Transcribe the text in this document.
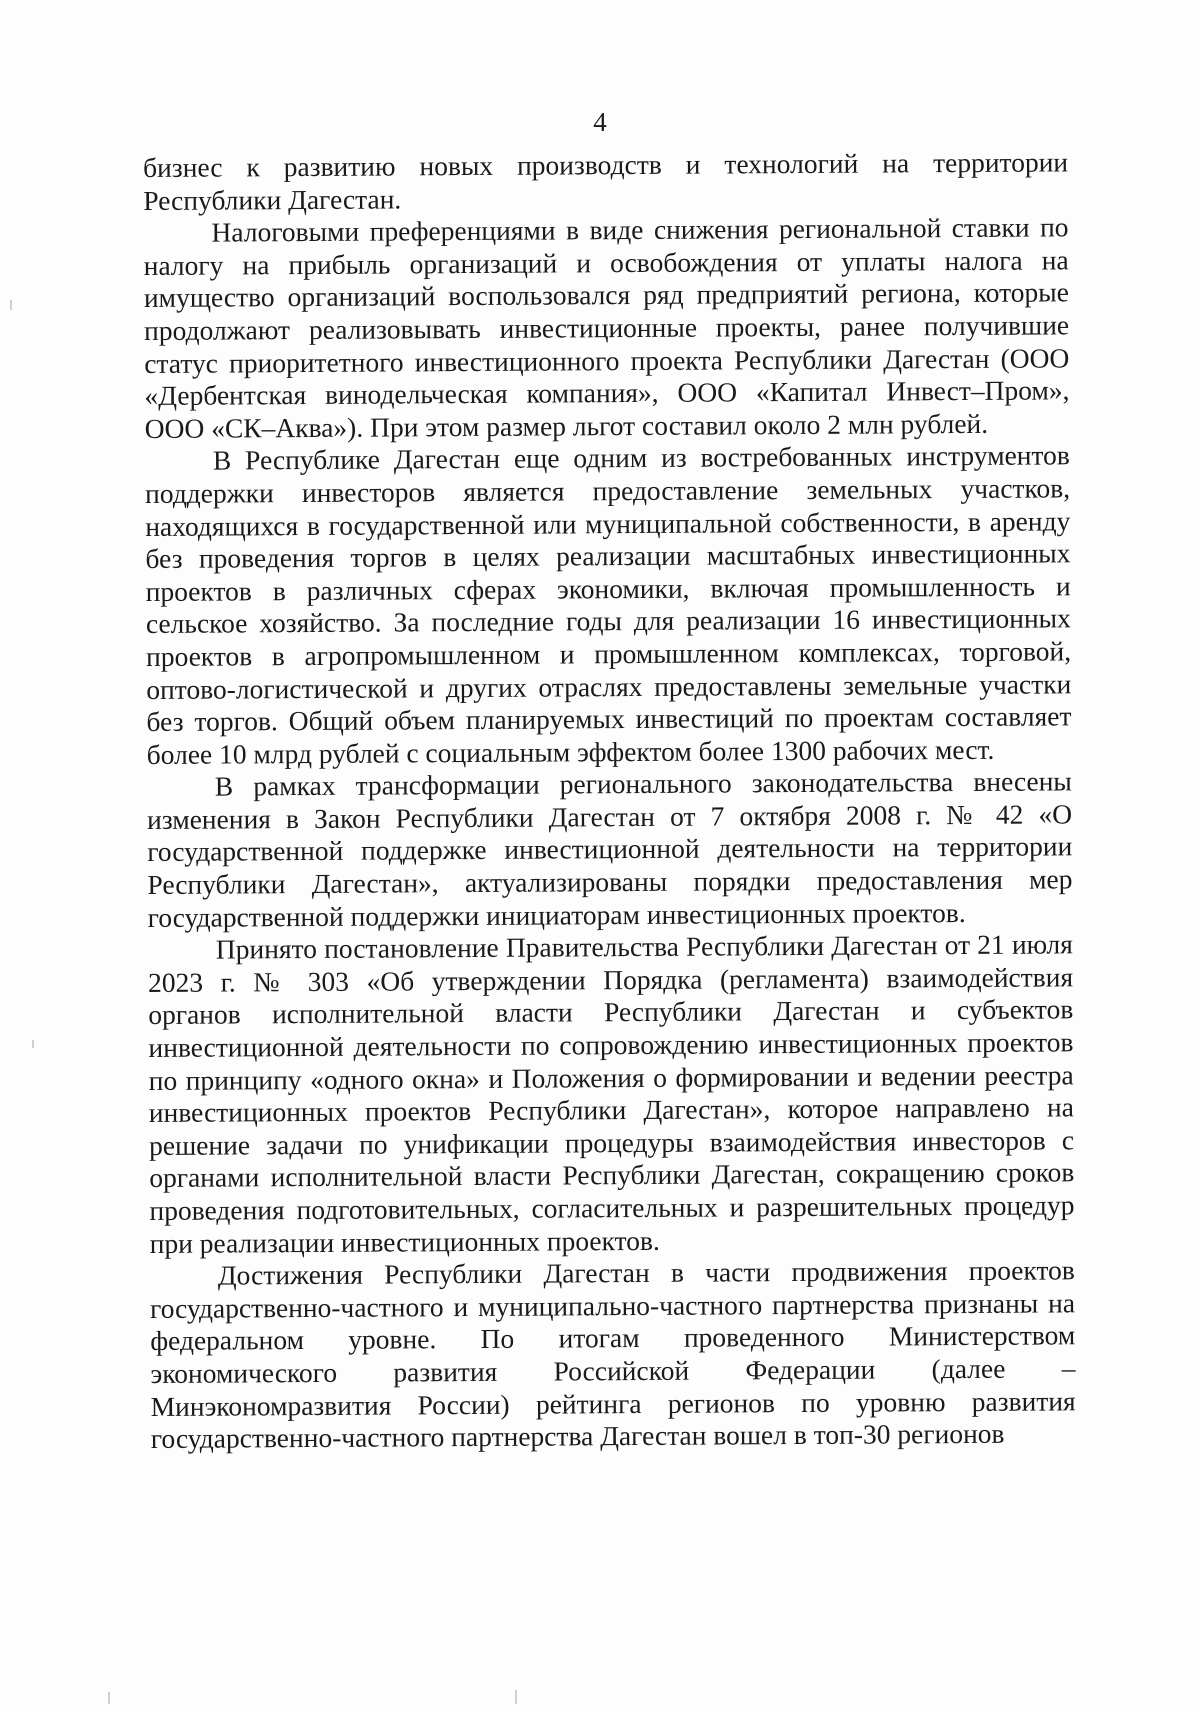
4

бизнес к развитию новых производств и технологий на территории Республики Дагестан.

Налоговыми преференциями в виде снижения региональной ставки по налогу на прибыль организаций и освобождения от уплаты налога на имущество организаций воспользовался ряд предприятий региона, которые продолжают реализовывать инвестиционные проекты, ранее получившие статус приоритетного инвестиционного проекта Республики Дагестан (ООО «Дербентская винодельческая компания», ООО «Капитал Инвест–Пром», ООО «СК–Аква»). При этом размер льгот составил около 2 млн рублей.

В Республике Дагестан еще одним из востребованных инструментов поддержки инвесторов является предоставление земельных участков, находящихся в государственной или муниципальной собственности, в аренду без проведения торгов в целях реализации масштабных инвестиционных проектов в различных сферах экономики, включая промышленность и сельское хозяйство. За последние годы для реализации 16 инвестиционных проектов в агропромышленном и промышленном комплексах, торговой, оптово-логистической и других отраслях предоставлены земельные участки без торгов. Общий объем планируемых инвестиций по проектам составляет более 10 млрд рублей с социальным эффектом более 1300 рабочих мест.

В рамках трансформации регионального законодательства внесены изменения в Закон Республики Дагестан от 7 октября 2008 г. № 42 «О государственной поддержке инвестиционной деятельности на территории Республики Дагестан», актуализированы порядки предоставления мер государственной поддержки инициаторам инвестиционных проектов.

Принято постановление Правительства Республики Дагестан от 21 июля 2023 г. № 303 «Об утверждении Порядка (регламента) взаимодействия органов исполнительной власти Республики Дагестан и субъектов инвестиционной деятельности по сопровождению инвестиционных проектов по принципу «одного окна» и Положения о формировании и ведении реестра инвестиционных проектов Республики Дагестан», которое направлено на решение задачи по унификации процедуры взаимодействия инвесторов с органами исполнительной власти Республики Дагестан, сокращению сроков проведения подготовительных, согласительных и разрешительных процедур при реализации инвестиционных проектов.

Достижения Республики Дагестан в части продвижения проектов государственно-частного и муниципально-частного партнерства признаны на федеральном уровне. По итогам проведенного Министерством экономического развития Российской Федерации (далее – Минэкономразвития России) рейтинга регионов по уровню развития государственно-частного партнерства Дагестан вошел в топ-30 регионов
